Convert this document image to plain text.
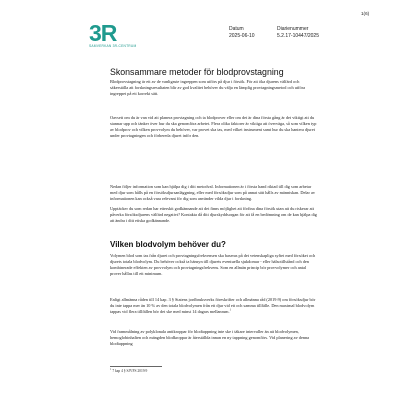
1(6)
3R
SAMVERKAN 3R-CENTRUM
Datum
2025-06-10
Diarienummer
5.2.17-10447/2025
Skonsammare metoder för blodprovstagning

Blodprovstagning är ett av de vanligaste ingreppen som utförs på djur i försök. För att öka djurens välfärd och säkerställa att forskningsresultaten blir av god kvalitet behöver du välja en lämplig provtagningsmetod och utföra ingreppet på ett korrekt sätt.

Oavsett om du är van vid att planera provtagning och ta blodprover eller om det är dina första gång är det viktigt att du stannar upp och tänker över hur du ska genomföra arbetet. Flera olika faktorer är viktiga att överväga, så som vilken typ av blodprov och vilken provvolym du behöver, var provet ska tas, med vilket instrument samt hur du ska hantera djuret under provtagningen och förbereda djuret inför den.

Nedan följer information som kan hjälpa dig i ditt metodval. Informationen är i första hand riktad till dig som arbetar med djur som hålls på en försöksdjursanläggning, eller med försöksdjur som på annat sätt hålls av människan. Delar av informationen kan också vara relevant för dig som använder vilda djur i forskning.

Upptäcker du som redan har etterskit godkännande att det finns möjlighet att förfina dina försök utan att du riskerar att påverka försöksdjurens välfärd negativt? Kontakta då ditt djurskyddsorgan för att få en bedömning om de kan hjälpa dig att ändra i ditt etiska godkännande.

Vilken blodvolym behöver du?

Volymen blod som tas från djuret och provtagningsfrekvensen ska baseras på det vetenskapliga syftet med försöket och djurets totala blodvolym. Du behöver också ta hänsyn till djurets eventuella sjukdomar - eller hälsotillstånd och den kombinerade effekten av provvolym och provtagningsfrekvens. Som en allmän princip bör provvolymer och antal prover hållas till ett minimum.

Enligt allmänna råden till 14 kap. 3 § Statens jordbruksverks föreskrifter och allmänna råd (2019:9) om försöksdjur bör du inte tappa mer än 10 % av den totala blodvolymen från ett djur vid ett och samma tillfälle. Den maximal blodvolym tappas vid flera tillfällen bör det ske med minst 14 dagars mellanrum.$^1$

Vid frammålning av polyklonala antikroppar för blodtappning inte ske i täkare intervaller än att blodvolymen, hemoglobinhalten och mängden blodkroppar är återställda innan en ny tappning genomförs. Vid planering av denna blodtappning

$^1$ 7 kap 4 § SJVFS 2019:9
